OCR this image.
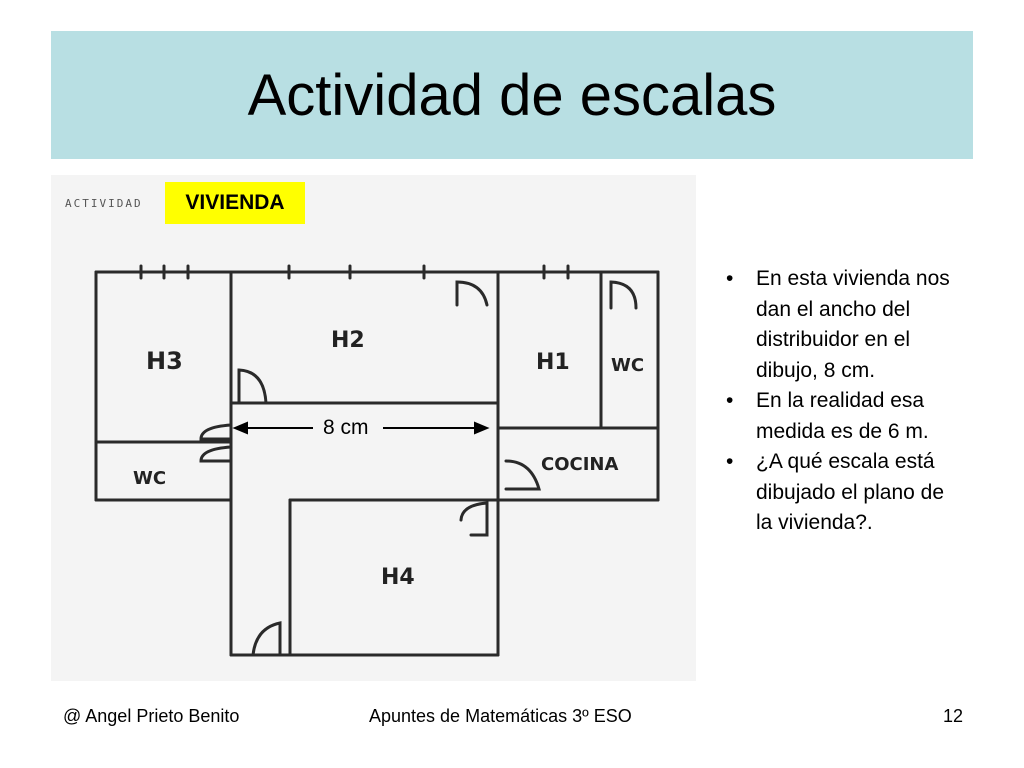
Actividad de escalas
ACTIVIDAD	VIVIENDA
8 cm
H3
H2
H1 WC
WC
COCINA
H4
• En esta vivienda nos dan el ancho del distribuidor en el dibujo, 8 cm.
• En la realidad esa medida es de 6 m.
• ¿A qué escala está dibujado el plano de la vivienda?.
@ Angel Prieto Benito	Apuntes de Matemáticas 3º ESO	12
